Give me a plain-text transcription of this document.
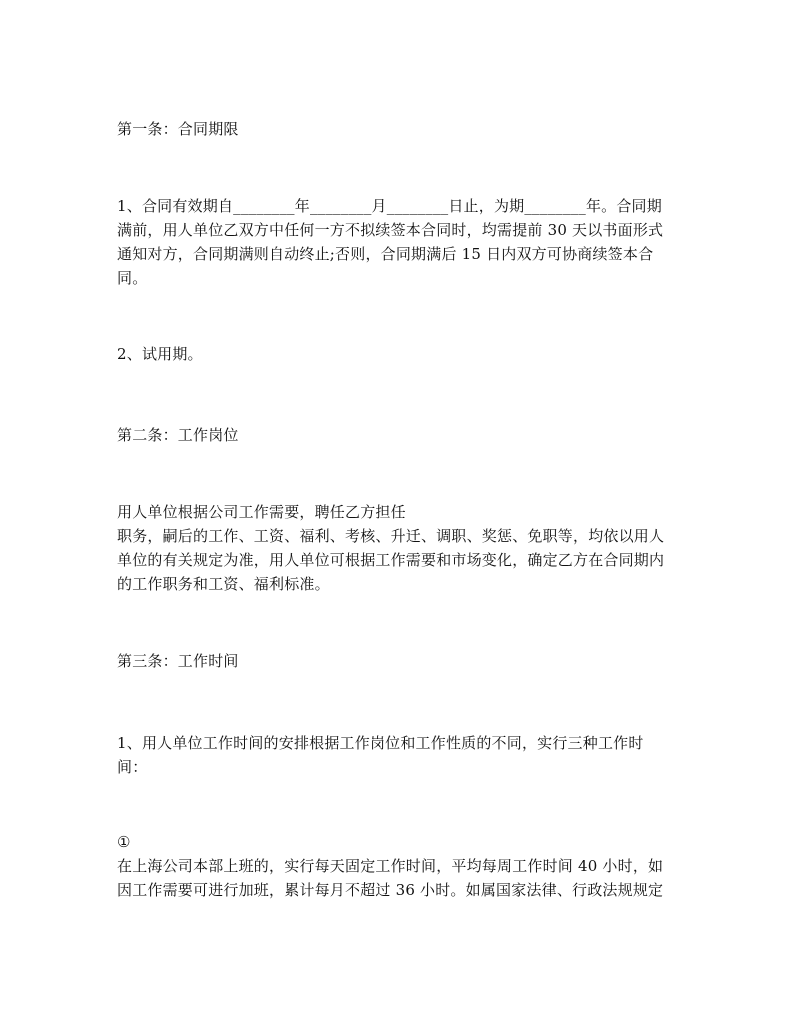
第一条：合同期限
1、合同有效期自________年________月________日止，为期________年。合同期
满前，用人单位乙双方中任何一方不拟续签本合同时，均需提前 30 天以书面形式
通知对方，合同期满则自动终止;否则，合同期满后 15 日内双方可协商续签本合
同。
2、试用期。
第二条：工作岗位
用人单位根据公司工作需要，聘任乙方担任
职务，嗣后的工作、工资、福利、考核、升迁、调职、奖惩、免职等，均依以用人
单位的有关规定为准，用人单位可根据工作需要和市场变化，确定乙方在合同期内
的工作职务和工资、福利标准。
第三条：工作时间
1、用人单位工作时间的安排根据工作岗位和工作性质的不同，实行三种工作时
间：
①
在上海公司本部上班的，实行每天固定工作时间，平均每周工作时间 40 小时，如
因工作需要可进行加班，累计每月不超过 36 小时。如属国家法律、行政法规规定
